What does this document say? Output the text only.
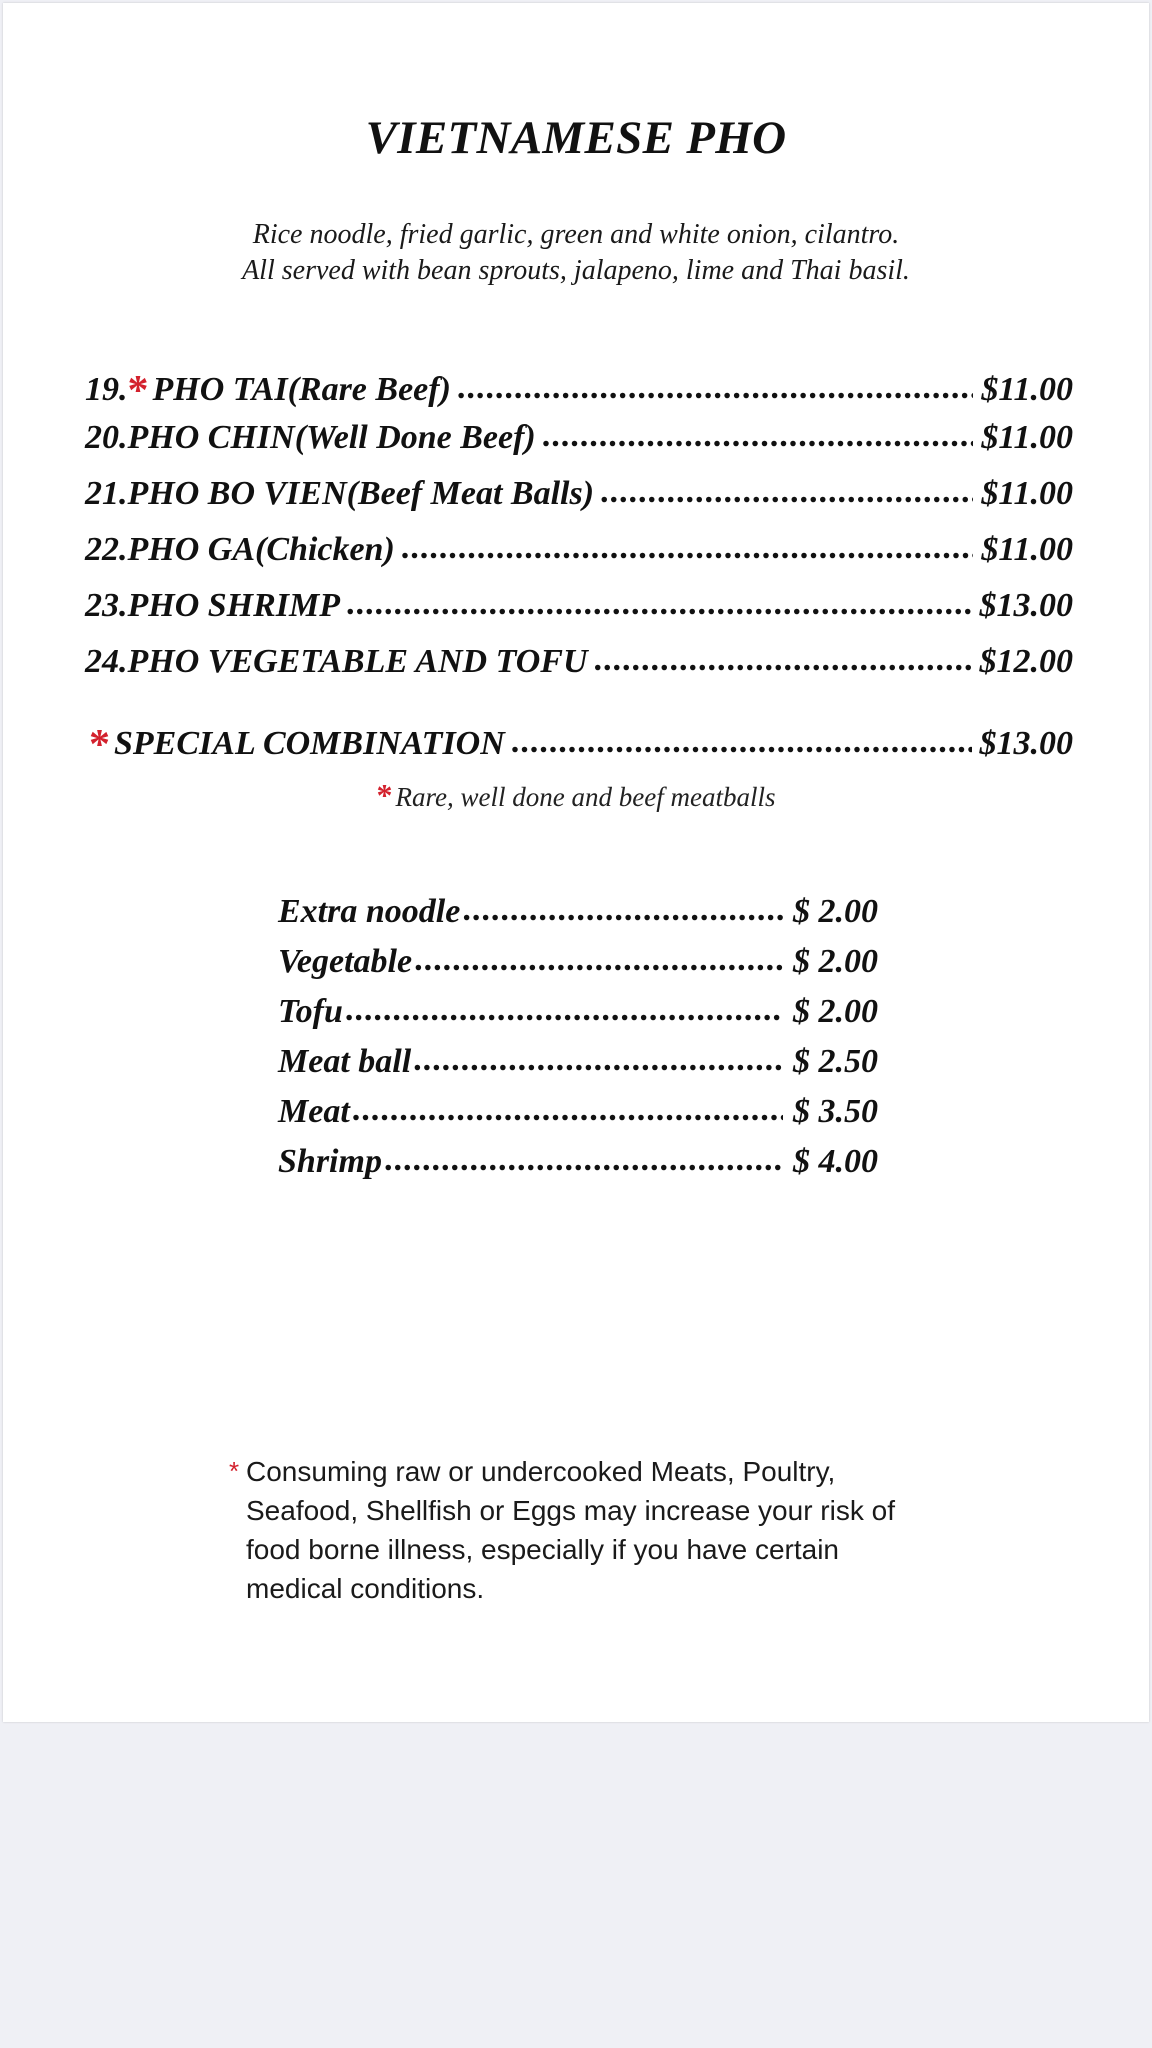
VIETNAMESE PHO
Rice noodle, fried garlic, green and white onion, cilantro.
All served with bean sprouts, jalapeno, lime and Thai basil.
19. * PHO TAI (Rare Beef) .....	$11.00
20. PHO CHIN (Well Done Beef) .....	$11.00
21. PHO BO VIEN (Beef Meat Balls) .....	$11.00
22. PHO GA (Chicken) .....	$11.00
23. PHO SHRIMP .....	$13.00
24. PHO VEGETABLE AND TOFU .....	$12.00
* SPECIAL COMBINATION .....	$13.00
* Rare, well done and beef meatballs
Extra noodle .....	$ 2.00
Vegetable .....	$ 2.00
Tofu .....	$ 2.00
Meat ball .....	$ 2.50
Meat .....	$ 3.50
Shrimp .....	$ 4.00
* Consuming raw or undercooked Meats, Poultry, Seafood, Shellfish or Eggs may increase your risk of food borne illness, especially if you have certain medical conditions.
